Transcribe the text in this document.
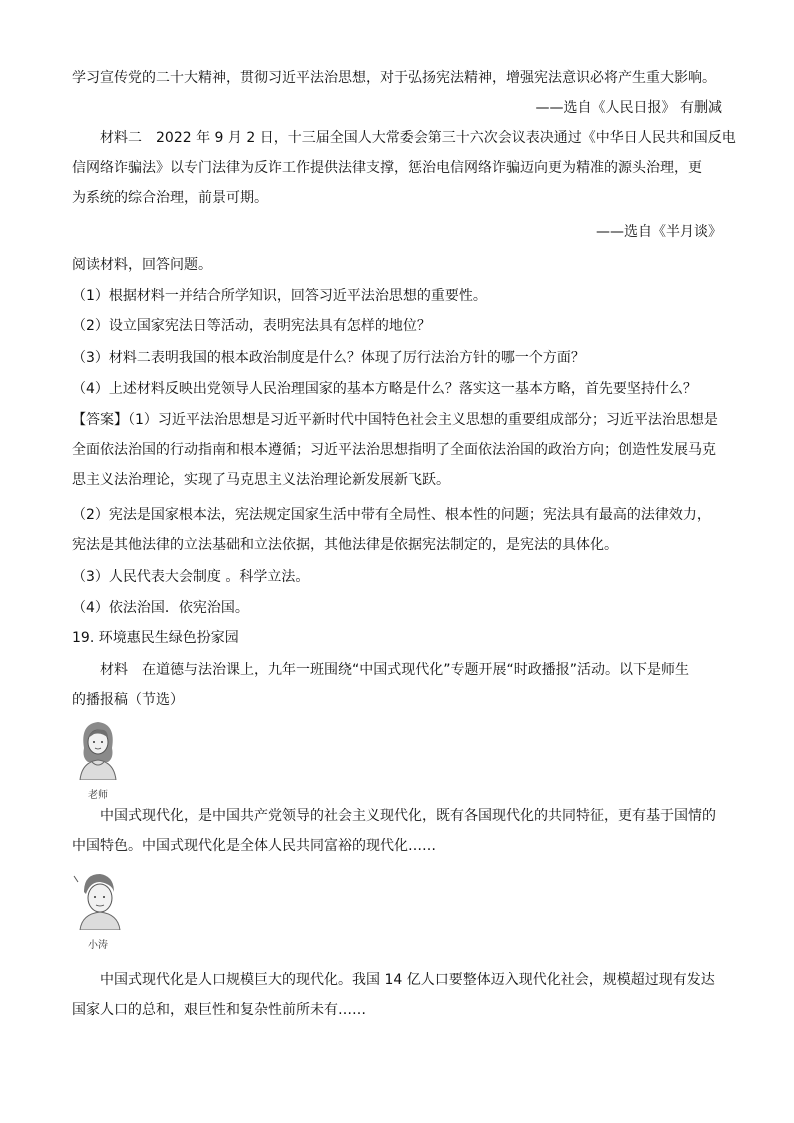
学习宣传党的二十大精神，贯彻习近平法治思想，对于弘扬宪法精神，增强宪法意识必将产生重大影响。
——选自《人民日报》 有删减
材料二　2022 年 9 月 2 日，十三届全国人大常委会第三十六次会议表决通过《中华日人民共和国反电
信网络诈骗法》以专门法律为反诈工作提供法律支撑，惩治电信网络诈骗迈向更为精准的源头治理，更
为系统的综合治理，前景可期。
——选自《半月谈》
阅读材料，回答问题。
（1）根据材料一并结合所学知识，回答习近平法治思想的重要性。
（2）设立国家宪法日等活动，表明宪法具有怎样的地位？
（3）材料二表明我国的根本政治制度是什么？体现了厉行法治方针的哪一个方面？
（4）上述材料反映出党领导人民治理国家的基本方略是什么？落实这一基本方略，首先要坚持什么？
【答案】（1）习近平法治思想是习近平新时代中国特色社会主义思想的重要组成部分；习近平法治思想是
全面依法治国的行动指南和根本遵循；习近平法治思想指明了全面依法治国的政治方向；创造性发展马克
思主义法治理论，实现了马克思主义法治理论新发展新飞跃。
（2）宪法是国家根本法，宪法规定国家生活中带有全局性、根本性的问题；宪法具有最高的法律效力，
宪法是其他法律的立法基础和立法依据，其他法律是依据宪法制定的，是宪法的具体化。
（3）人民代表大会制度 。科学立法。
（4）依法治国．依宪治国。
19. 环境惠民生绿色扮家园
材料　在道德与法治课上，九年一班围绕“中国式现代化”专题开展“时政播报”活动。以下是师生
的播报稿（节选）
老师
中国式现代化，是中国共产党领导的社会主义现代化，既有各国现代化的共同特征，更有基于国情的
中国特色。中国式现代化是全体人民共同富裕的现代化……
小涛
中国式现代化是人口规模巨大的现代化。我国 14 亿人口要整体迈入现代化社会，规模超过现有发达
国家人口的总和，艰巨性和复杂性前所未有……
